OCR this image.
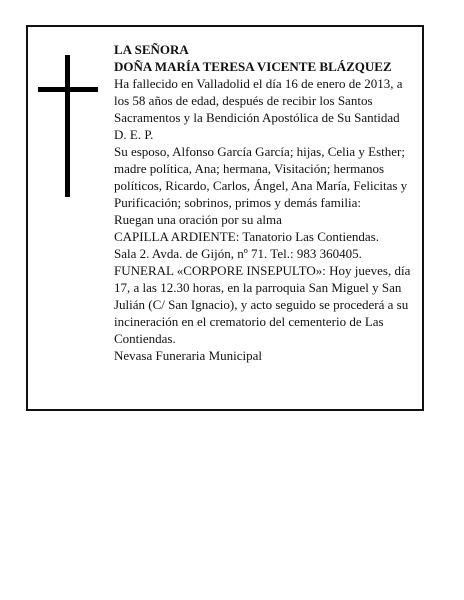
LA SEÑORA

DOÑA MARÍA TERESA VICENTE BLÁZQUEZ

Ha fallecido en Valladolid el día 16 de enero de 2013, a los 58 años de edad, después de recibir los Santos Sacramentos y la Bendición Apostólica de Su Santidad

D. E. P.

Su esposo, Alfonso García García; hijas, Celia y Esther; madre política, Ana; hermana, Visitación; hermanos políticos, Ricardo, Carlos, Ángel, Ana María, Felicitas y Purificación; sobrinos, primos y demás familia:

Ruegan una oración por su alma

CAPILLA ARDIENTE: Tanatorio Las Contiendas.

Sala 2. Avda. de Gijón, nº 71. Tel.: 983 360405.

FUNERAL «CORPORE INSEPULTO»: Hoy jueves, día 17, a las 12.30 horas, en la parroquia San Miguel y San Julián (C/ San Ignacio), y acto seguido se procederá a su incineración en el crematorio del cementerio de Las Contiendas.

Nevasa Funeraria Municipal
